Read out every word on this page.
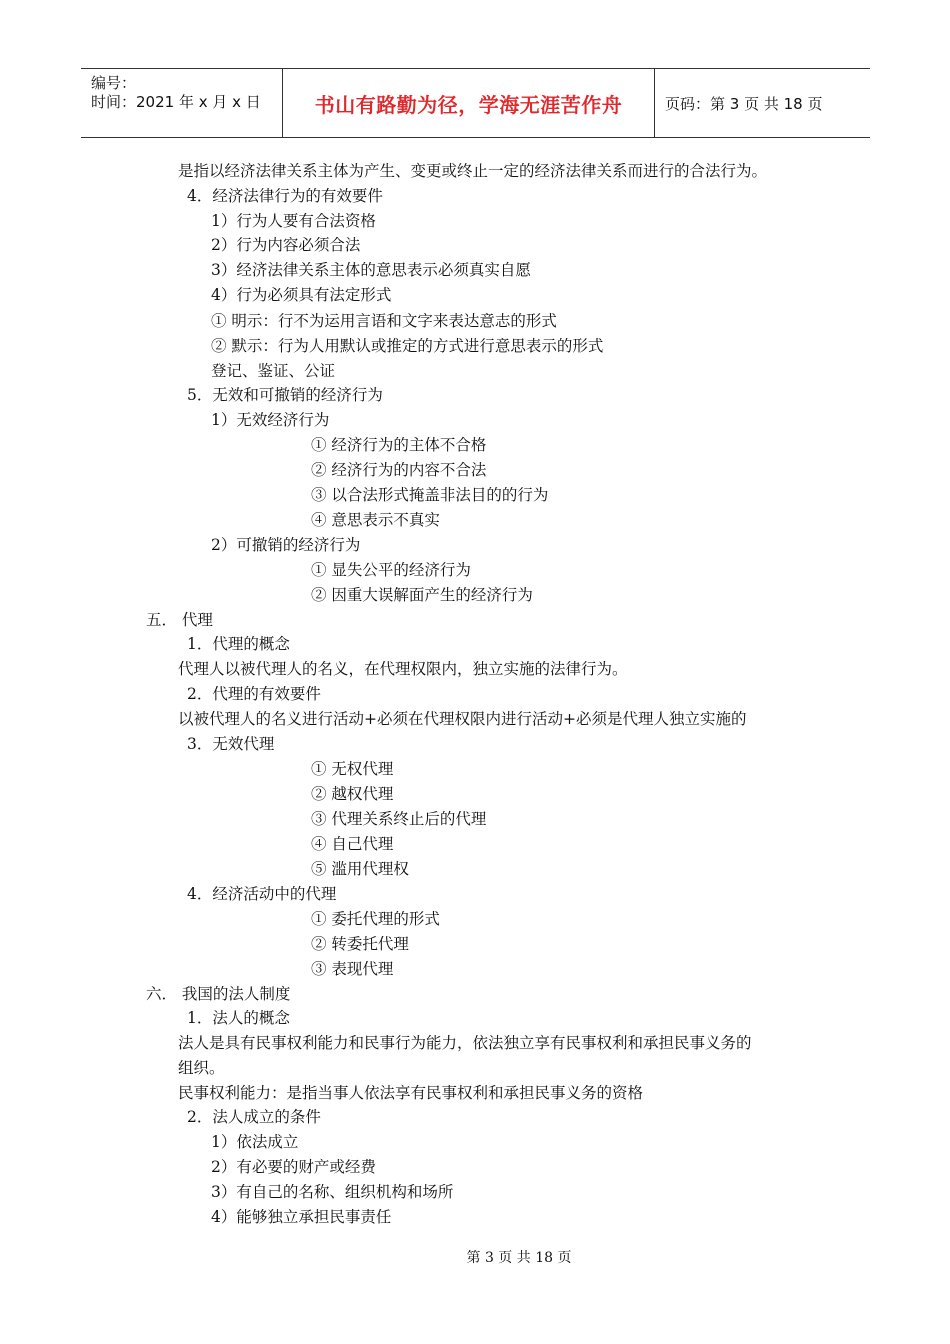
编号：
时间：2021 年 x 月 x 日	书山有路勤为径，学海无涯苦作舟	页码：第 3 页 共 18 页
是指以经济法律关系主体为产生、变更或终止一定的经济法律关系而进行的合法行为。
4．经济法律行为的有效要件
1）行为人要有合法资格
2）行为内容必须合法
3）经济法律关系主体的意思表示必须真实自愿
4）行为必须具有法定形式
① 明示：行不为运用言语和文字来表达意志的形式
② 默示：行为人用默认或推定的方式进行意思表示的形式
登记、鉴证、公证
5．无效和可撤销的经济行为
1）无效经济行为
① 经济行为的主体不合格
② 经济行为的内容不合法
③ 以合法形式掩盖非法目的的行为
④ 意思表示不真实
2）可撤销的经济行为
① 显失公平的经济行为
② 因重大误解面产生的经济行为
五． 代理
1．代理的概念
代理人以被代理人的名义，在代理权限内，独立实施的法律行为。
2．代理的有效要件
以被代理人的名义进行活动+必须在代理权限内进行活动+必须是代理人独立实施的
3．无效代理
① 无权代理
② 越权代理
③ 代理关系终止后的代理
④ 自己代理
⑤ 滥用代理权
4．经济活动中的代理
① 委托代理的形式
② 转委托代理
③ 表现代理
六． 我国的法人制度
1．法人的概念
法人是具有民事权利能力和民事行为能力，依法独立享有民事权利和承担民事义务的
组织。
民事权利能力：是指当事人依法享有民事权利和承担民事义务的资格
2．法人成立的条件
1）依法成立
2）有必要的财产或经费
3）有自己的名称、组织机构和场所
4）能够独立承担民事责任
第 3 页 共 18 页
